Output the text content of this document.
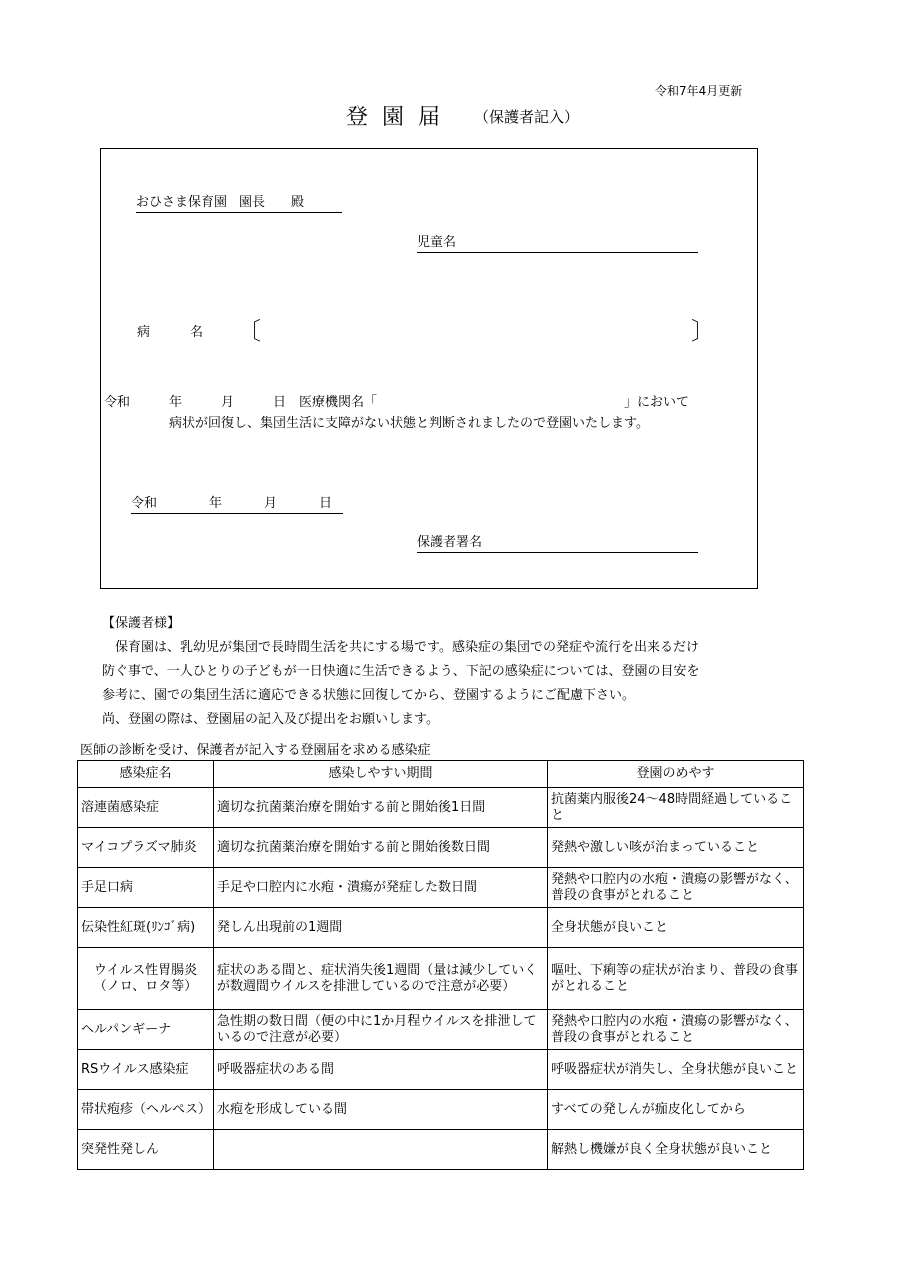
令和7年4月更新
登園届 （保護者記入）
おひさま保育園 園長 殿
児童名
病	名 〔	〕
令和　　　年　　　月　　　日　医療機関名「　　　　　　　　　　　　　　　　　　　」において
病状が回復し、集団生活に支障がない状態と判断されましたので登園いたします。
令和	年	月	日
保護者署名

【保護者様】

　保育園は、乳幼児が集団で長時間生活を共にする場です。感染症の集団での発症や流行を出来るだけ

防ぐ事で、一人ひとりの子どもが一日快適に生活できるよう、下記の感染症については、登園の目安を

参考に、園での集団生活に適応できる状態に回復してから、登園するようにご配慮下さい。

尚、登園の際は、登園届の記入及び提出をお願いします。

医師の診断を受け、保護者が記入する登園届を求める感染症
感染症名	感染しやすい期間	登園のめやす
溶連菌感染症	適切な抗菌薬治療を開始する前と開始後1日間	抗菌薬内服後24～48時間経過していること
マイコプラズマ肺炎	適切な抗菌薬治療を開始する前と開始後数日間	発熱や激しい咳が治まっていること
手足口病	手足や口腔内に水疱・潰瘍が発症した数日間	発熱や口腔内の水疱・潰瘍の影響がなく、普段の食事がとれること
伝染性紅斑(ﾘﾝｺﾞ病)	発しん出現前の1週間	全身状態が良いこと
ウイルス性胃腸炎（ノロ、ロタ等）	症状のある間と、症状消失後1週間（量は減少していくが数週間ウイルスを排泄しているので注意が必要）	嘔吐、下痢等の症状が治まり、普段の食事がとれること
ヘルパンギーナ	急性期の数日間（便の中に1か月程ウイルスを排泄しているので注意が必要）	発熱や口腔内の水疱・潰瘍の影響がなく、普段の食事がとれること
RSウイルス感染症	呼吸器症状のある間	呼吸器症状が消失し、全身状態が良いこと
帯状疱疹（ヘルペス）	水疱を形成している間	すべての発しんが痂皮化してから
突発性発しん		解熱し機嫌が良く全身状態が良いこと
